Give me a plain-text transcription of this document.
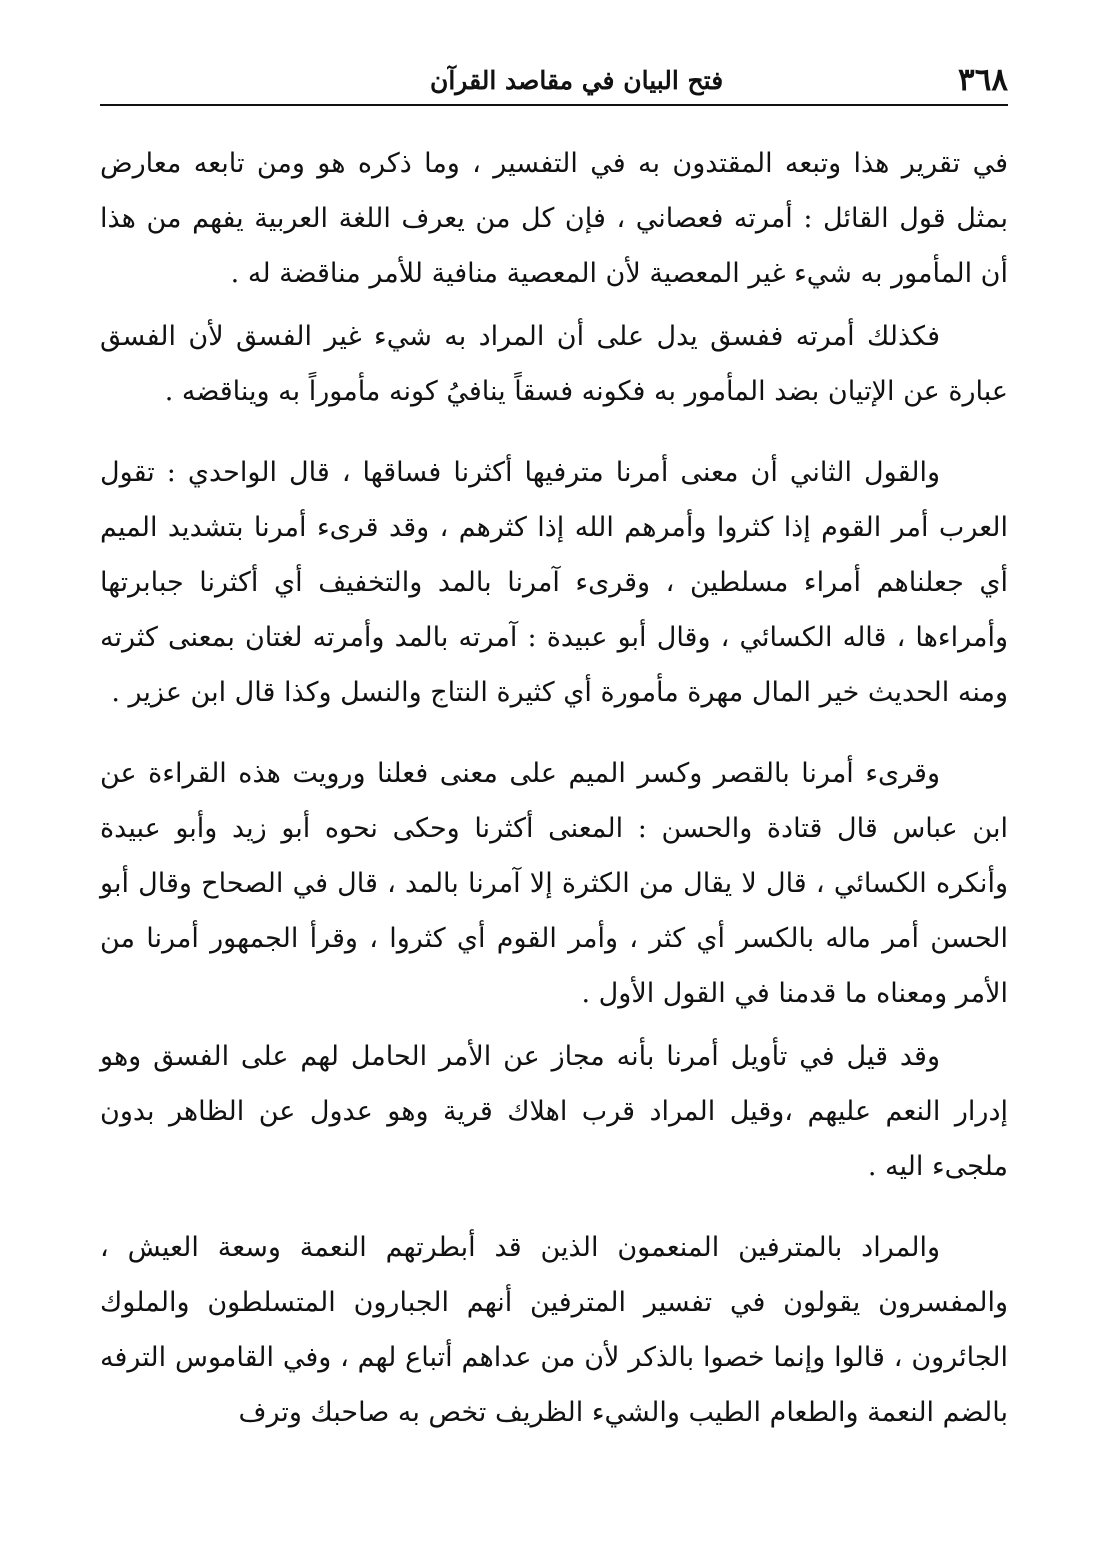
٣٦٨
فتح البيان في مقاصد القرآن

في تقرير هذا وتبعه المقتدون به في التفسير ، وما ذكره هو ومن تابعه معارض بمثل قول القائل : أمرته فعصاني ، فإن كل من يعرف اللغة العربية يفهم من هذا أن المأمور به شيء غير المعصية لأن المعصية منافية للأمر مناقضة له .

فكذلك أمرته ففسق يدل على أن المراد به شيء غير الفسق لأن الفسق عبارة عن الإتيان بضد المأمور به فكونه فسقاً ينافيُ كونه مأموراً به ويناقضه .

والقول الثاني أن معنى أمرنا مترفيها أكثرنا فساقها ، قال الواحدي : تقول العرب أمر القوم إذا كثروا وأمرهم الله إذا كثرهم ، وقد قرىء أمرنا بتشديد الميم أي جعلناهم أمراء مسلطين ، وقرىء آمرنا بالمد والتخفيف أي أكثرنا جبابرتها وأمراءها ، قاله الكسائي ، وقال أبو عبيدة : آمرته بالمد وأمرته لغتان بمعنى كثرته ومنه الحديث خير المال مهرة مأمورة أي كثيرة النتاج والنسل وكذا قال ابن عزير .

وقرىء أمرنا بالقصر وكسر الميم على معنى فعلنا ورويت هذه القراءة عن ابن عباس قال قتادة والحسن : المعنى أكثرنا وحكى نحوه أبو زيد وأبو عبيدة وأنكره الكسائي ، قال لا يقال من الكثرة إلا آمرنا بالمد ، قال في الصحاح وقال أبو الحسن أمر ماله بالكسر أي كثر ، وأمر القوم أي كثروا ، وقرأ الجمهور أمرنا من الأمر ومعناه ما قدمنا في القول الأول .

وقد قيل في تأويل أمرنا بأنه مجاز عن الأمر الحامل لهم على الفسق وهو إدرار النعم عليهم ،وقيل المراد قرب اهلاك قرية وهو عدول عن الظاهر بدون ملجىء اليه .

والمراد بالمترفين المنعمون الذين قد أبطرتهم النعمة وسعة العيش ، والمفسرون يقولون في تفسير المترفين أنهم الجبارون المتسلطون والملوك الجائرون ، قالوا وإنما خصوا بالذكر لأن من عداهم أتباع لهم ، وفي القاموس الترفه بالضم النعمة والطعام الطيب والشيء الظريف تخص به صاحبك وترف
